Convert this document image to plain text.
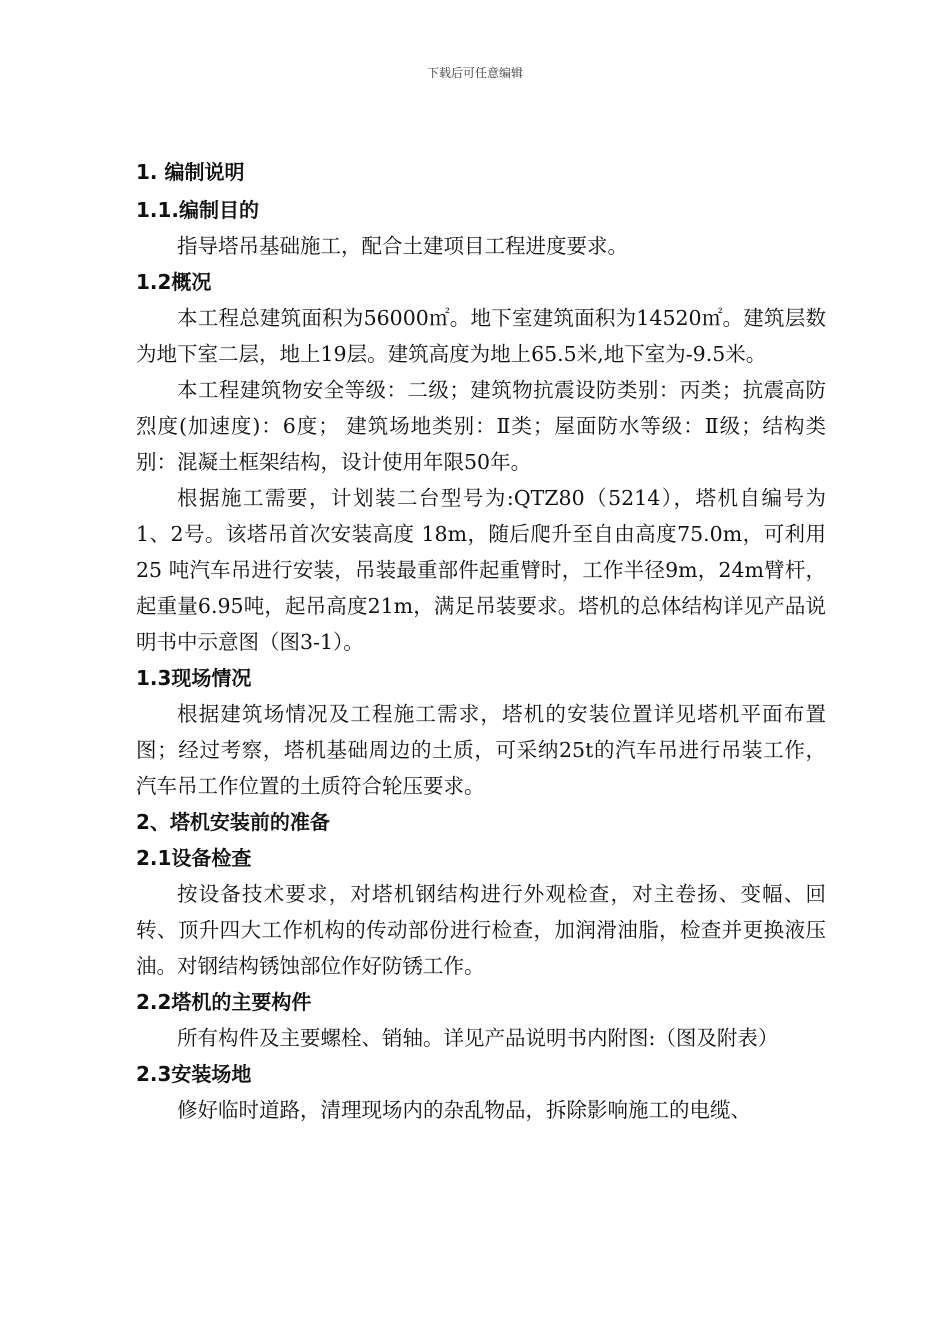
下载后可任意编辑
1. 编制说明
1.1.编制目的

指导塔吊基础施工，配合土建项目工程进度要求。

1.2概况

本工程总建筑面积为56000㎡。地下室建筑面积为14520㎡。建筑层数为地下室二层，地上19层。建筑高度为地上65.5米,地下室为-9.5米。

本工程建筑物安全等级：二级；建筑物抗震设防类别：丙类；抗震高防烈度(加速度)：6度； 建筑场地类别：Ⅱ类；屋面防水等级：Ⅱ级；结构类别：混凝土框架结构，设计使用年限50年。

根据施工需要，计划装二台型号为:QTZ80（5214），塔机自编号为 1、2号。该塔吊首次安装高度 18m，随后爬升至自由高度75.0m，可利用25 吨汽车吊进行安装，吊装最重部件起重臂时，工作半径9m，24m臂杆，起重量6.95吨，起吊高度21m，满足吊装要求。塔机的总体结构详见产品说明书中示意图（图3-1）。

1.3现场情况

根据建筑场情况及工程施工需求，塔机的安装位置详见塔机平面布置图；经过考察，塔机基础周边的土质，可采纳25t的汽车吊进行吊装工作，汽车吊工作位置的土质符合轮压要求。

2、塔机安装前的准备
2.1设备检查

按设备技术要求，对塔机钢结构进行外观检查，对主卷扬、变幅、回转、顶升四大工作机构的传动部份进行检查，加润滑油脂，检查并更换液压油。对钢结构锈蚀部位作好防锈工作。

2.2塔机的主要构件

所有构件及主要螺栓、销轴。详见产品说明书内附图:（图及附表）

2.3安装场地

修好临时道路，清理现场内的杂乱物品，拆除影响施工的电缆、
